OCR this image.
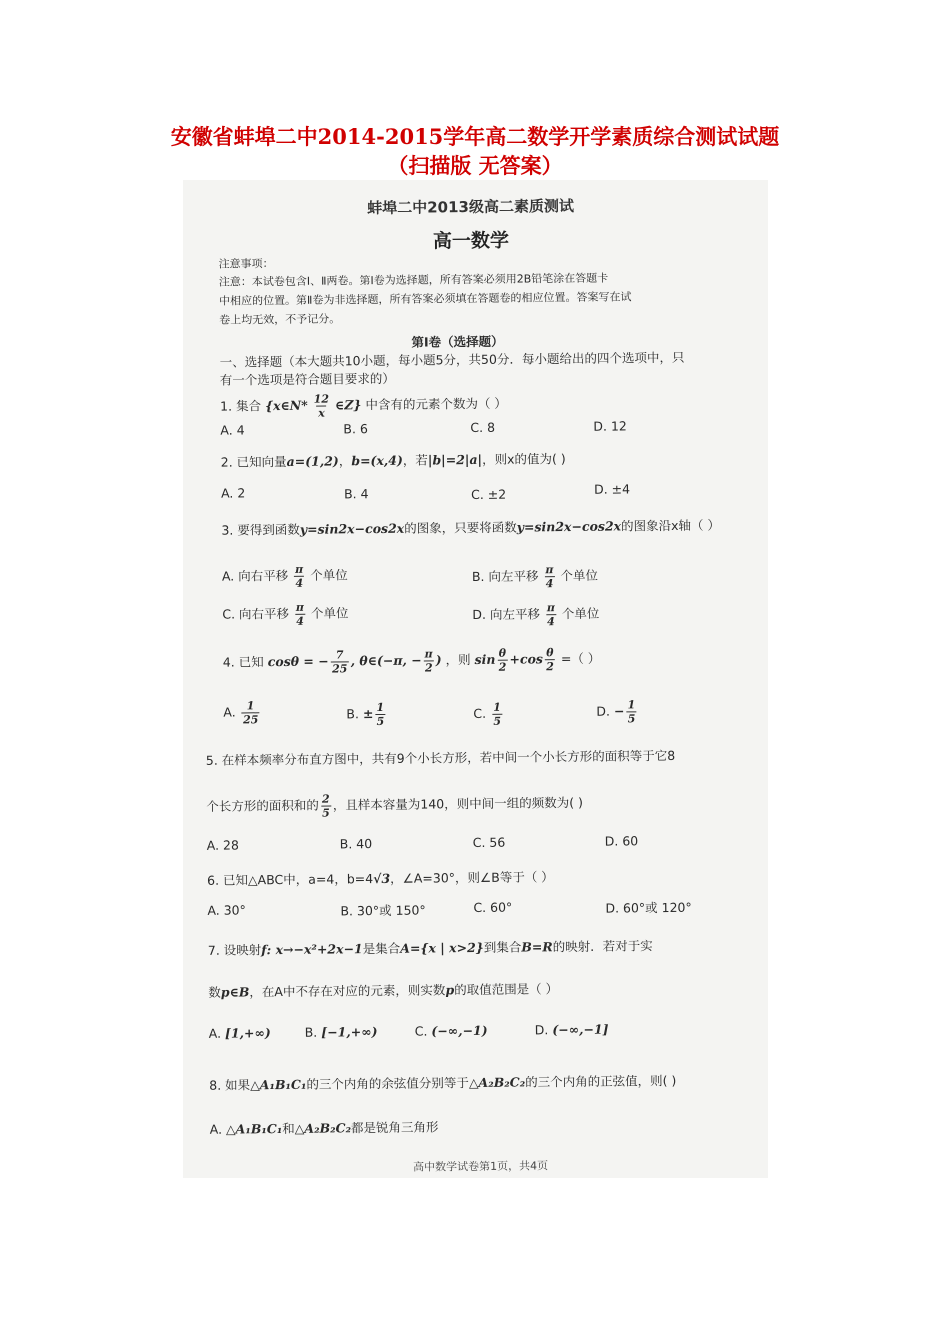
安徽省蚌埠二中2014-2015学年高二数学开学素质综合测试试题
（扫描版 无答案）
蚌埠二中2013级高二素质测试
高一数学
注意事项：
注意：本试卷包含Ⅰ、Ⅱ两卷。第Ⅰ卷为选择题，所有答案必须用2B铅笔涂在答题卡
中相应的位置。第Ⅱ卷为非选择题，所有答案必须填在答题卷的相应位置。答案写在试
卷上均无效，不予记分。
第Ⅰ卷（选择题）
一、选择题（本大题共10小题，每小题5分，共50分．每小题给出的四个选项中，只
有一个选项是符合题目要求的）
1. 集合 {x∈N* $\frac{12}{x}$ ∈Z} 中含有的元素个数为（ ）
A. 4	B. 6	C. 8	D. 12
2. 已知向量a=(1,2)，b=(x,4)，若|b|=2|a|，则x的值为( )
A. 2	B. 4	C. ±2	D. ±4
3. 要得到函数y=sin2x−cos2x的图象，只要将函数y=sin2x−cos2x的图象沿x轴（ ）
A. 向右平移 $\frac{\pi}{4}$ 个单位	B. 向左平移 $\frac{\pi}{4}$ 个单位
C. 向右平移 $\frac{\pi}{4}$ 个单位	D. 向左平移 $\frac{\pi}{4}$ 个单位
4. 已知 cosθ = − $\frac{7}{25}$ , θ∈(−π, − $\frac{\pi}{2}$ ) ，则 $\sin \frac{\theta}{2} +\cos \frac{\theta}{2}$ =（ ）
A. $\frac{1}{25}$	B. ± $\frac{1}{5}$	C. $\frac{1}{5}$	D. − $\frac{1}{5}$
5. 在样本频率分布直方图中，共有9个小长方形，若中间一个小长方形的面积等于它8
个长方形的面积和的 $\frac{2}{5}$ ，且样本容量为140，则中间一组的频数为( )
A. 28	B. 40	C. 56	D. 60
6. 已知△ABC中，a=4，b=4√3，∠A=30°，则∠B等于（ ）
A. 30°	B. 30°或 150°	C. 60°	D. 60°或 120°
7. 设映射f: x→−x²+2x−1是集合A={x | x>2}到集合B=R的映射．若对于实
数p∈B，在A中不存在对应的元素，则实数p的取值范围是（ ）
A. [1,+∞)	B. [−1,+∞)	C. (−∞,−1)	D. (−∞,−1]
8. 如果△A₁B₁C₁的三个内角的余弦值分别等于△A₂B₂C₂的三个内角的正弦值，则( )
A. △A₁B₁C₁和△A₂B₂C₂都是锐角三角形
高中数学试卷第1页，共4页
